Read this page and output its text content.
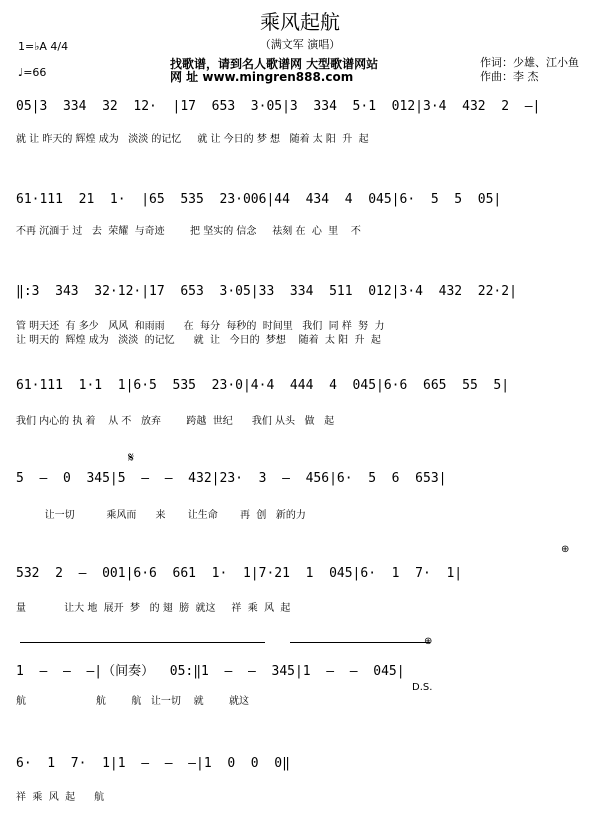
乘风起航
（满文军 演唱）
1=♭A 4/4
♩=66
找歌谱，请到名人歌谱网 大型歌谱网站
网 址 www.mingren888.com
作词：少雄、江小鱼
作曲：李 杰
05|3  334  32  12·  |17  653  3·05|3  334  5·1  012|3·4  432  2  –|
就 让 昨天的 辉煌 成为   淡淡 的记忆     就 让 今日的 梦 想   随着 太 阳  升  起
61·111  21  1·  |65  535  23·006|44  434  4  045|6·  5  5  05|
不再 沉湎于 过   去  荣耀  与奇迹        把 坚实的 信念     祛刻 在  心  里    不
‖:3  343  32·12·|17  653  3·05|33  334  511  012|3·4  432  22·2|
管 明天还  有 多少   风风  和雨雨      在  每分  每秒的  时间里   我们  同 样  努  力
让 明天的  辉煌 成为   淡淡  的记忆      就  让   今日的  梦想    随着  太 阳  升  起
61·111  1·1  1|6·5  535  23·0|4·4  444  4  045|6·6  665  55  5|
我们 内心的 执 着    从 不   放弃        跨越  世纪      我们 从头   做   起
𝄋
5  –  0  345|5  –  –  432|23·  3  –  456|6·  5  6  653|
让一切          乘风而      来       让生命       再  创   新的力
⊕
532  2  –  001|6·6  661  1·  1|7·21  1  045|6·  1  7·  1|
量            让大 地  展开  梦   的 翅  膀  就这     祥  乘  风  起
⊕
1  –  –  –|（间奏）  05:‖1  –  –  345|1  –  –  045|
D.S.
航                      航        航   让一切    就        就这
6·  1  7·  1|1  –  –  –|1  0  0  0‖
祥  乘  风  起      航
